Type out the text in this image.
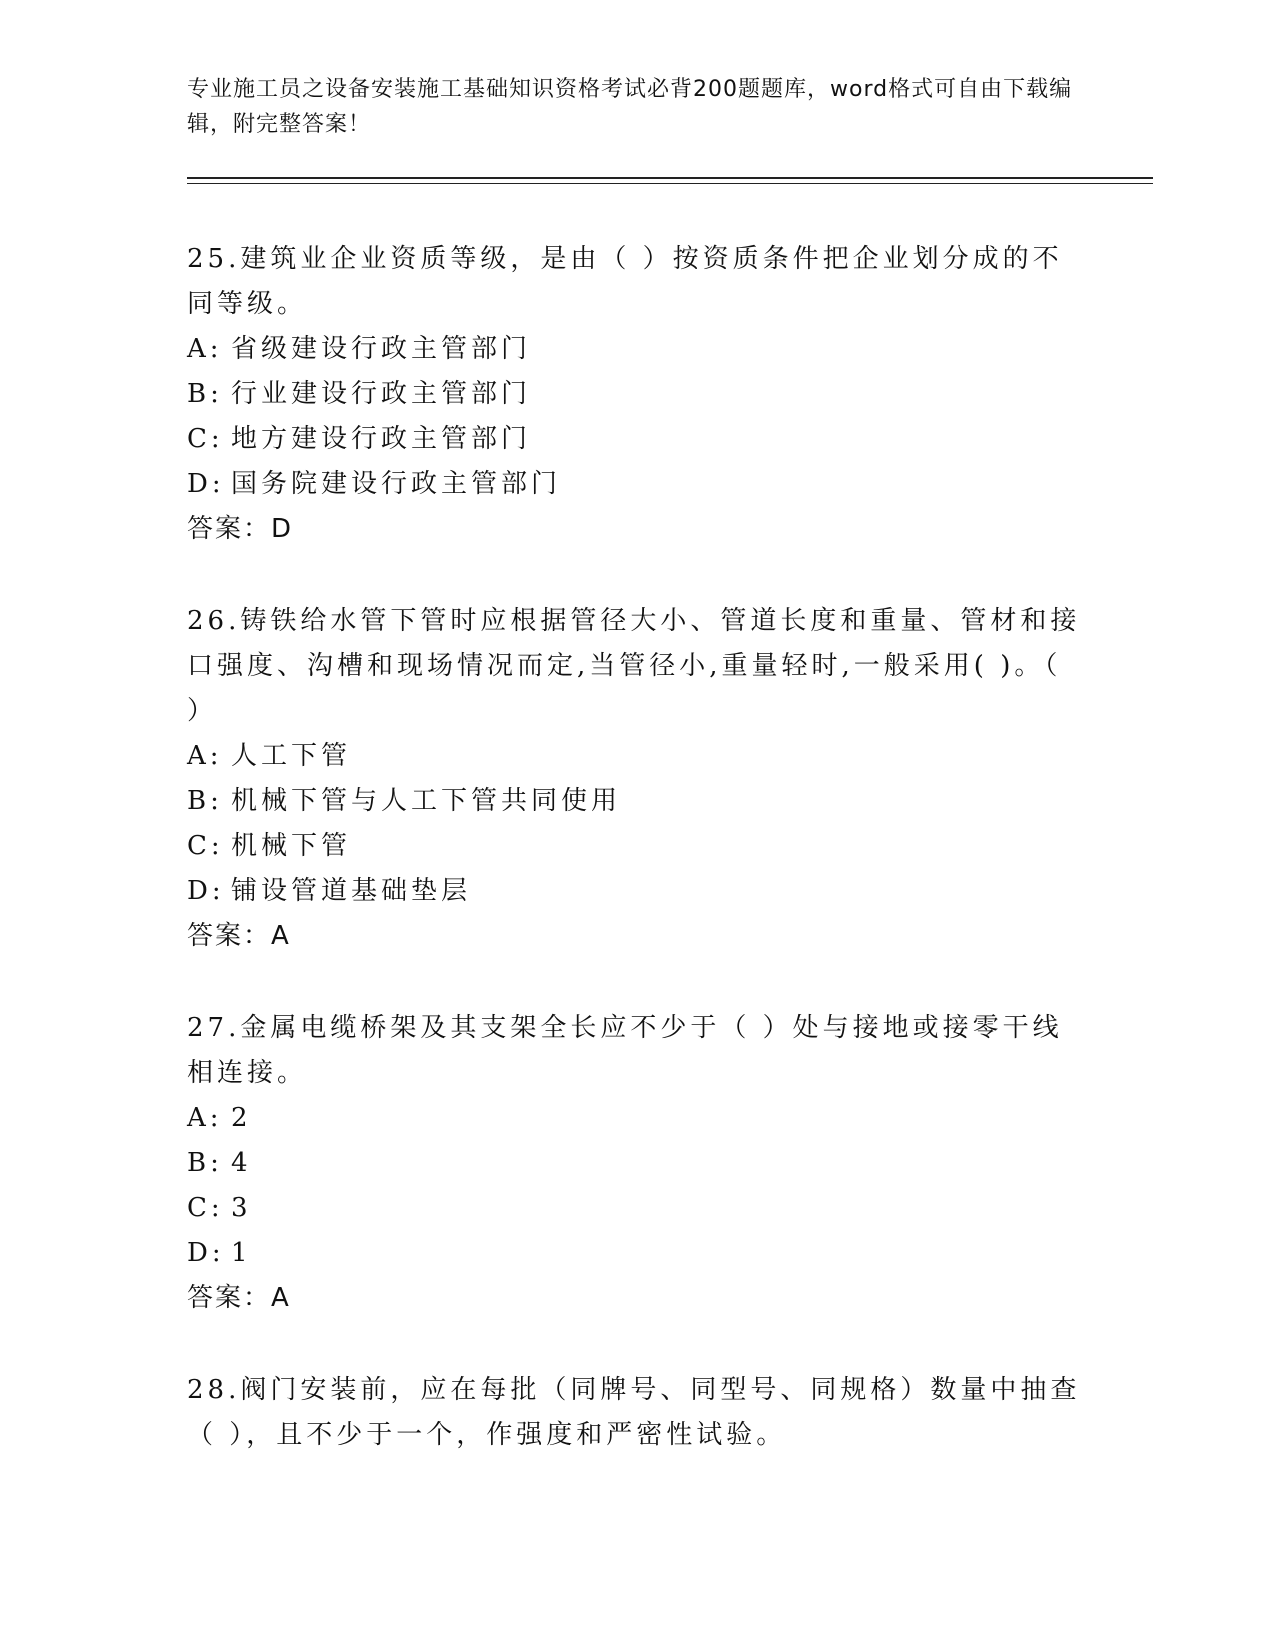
专业施工员之设备安装施工基础知识资格考试必背200题题库，word格式可自由下载编辑，附完整答案！
25.建筑业企业资质等级，是由（ ）按资质条件把企业划分成的不同等级。
A: 省级建设行政主管部门
B: 行业建设行政主管部门
C: 地方建设行政主管部门
D: 国务院建设行政主管部门
答案：D
26.铸铁给水管下管时应根据管径大小、管道长度和重量、管材和接口强度、沟槽和现场情况而定,当管径小,重量轻时,一般采用( )。（ ）
A: 人工下管
B: 机械下管与人工下管共同使用
C: 机械下管
D: 铺设管道基础垫层
答案：A
27.金属电缆桥架及其支架全长应不少于（ ）处与接地或接零干线相连接。
A: 2
B: 4
C: 3
D: 1
答案：A
28.阀门安装前，应在每批（同牌号、同型号、同规格）数量中抽查（ ），且不少于一个，作强度和严密性试验。
